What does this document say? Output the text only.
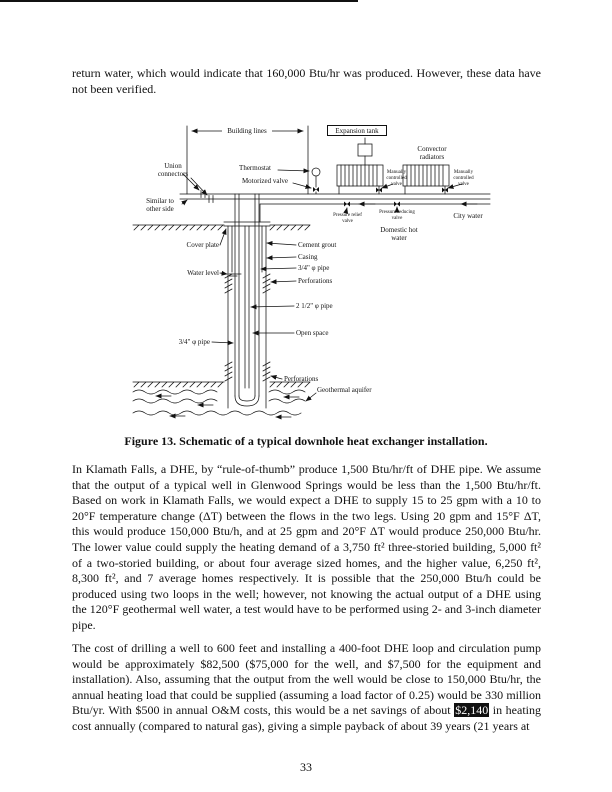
return water, which would indicate that 160,000 Btu/hr was produced. However, these data have not been verified.

Building lines	Expansion tank
Convector radiators
Union connectors
Thermostat
Motorized valve
Manually controlled valve
Manually controlled valve
Similar to other side
Pressure relief valve
Pressure reducing valve	City water
Domestic hot water
Cover plate
Water level
Cement grout
Casing
3/4" φ pipe
Perforations
2 1/2" φ pipe
Open space
3/4" φ pipe
Perforations
Geothermal aquifer

Figure 13. Schematic of a typical downhole heat exchanger installation.

In Klamath Falls, a DHE, by “rule-of-thumb” produce 1,500 Btu/hr/ft of DHE pipe. We assume that the output of a typical well in Glenwood Springs would be less than the 1,500 Btu/hr/ft. Based on work in Klamath Falls, we would expect a DHE to supply 15 to 25 gpm with a 10 to 20°F temperature change (ΔT) between the flows in the two legs. Using 20 gpm and 15°F ΔT, this would produce 150,000 Btu/h, and at 25 gpm and 20°F ΔT would produce 250,000 Btu/hr. The lower value could supply the heating demand of a 3,750 ft² three-storied building, 5,000 ft² of a two-storied building, or about four average sized homes, and the higher value, 6,250 ft², 8,300 ft², and 7 average homes respectively. It is possible that the 250,000 Btu/h could be produced using two loops in the well; however, not knowing the actual output of a DHE using the 120°F geothermal well water, a test would have to be performed using 2- and 3-inch diameter pipe.

The cost of drilling a well to 600 feet and installing a 400-foot DHE loop and circulation pump would be approximately $82,500 ($75,000 for the well, and $7,500 for the equipment and installation). Also, assuming that the output from the well would be close to 150,000 Btu/hr, the annual heating load that could be supplied (assuming a load factor of 0.25) would be 330 million Btu/yr. With $500 in annual O&M costs, this would be a net savings of about $2,140 in heating cost annually (compared to natural gas), giving a simple payback of about 39 years (21 years at

33
